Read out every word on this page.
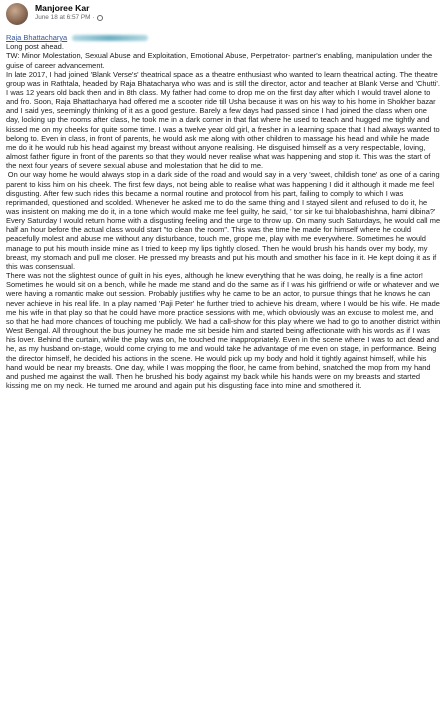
Manjoree Kar
June 18 at 6:57 PM ·
Raja Bhattacharya

Long post ahead.

TW: Minor Molestation, Sexual Abuse and Exploitation, Emotional Abuse, Perpetrator- partner's enabling, manipulation under the guise of career advancement.

In late 2017, I had joined 'Blank Verse's' theatrical space as a theatre enthusiast who wanted to learn theatrical acting. The theatre group was in Rathtala, headed by Raja Bhatacharya who was and is still the director, actor and teacher at Blank Verse and 'Chutti'. I was 12 years old back then and in 8th class. My father had come to drop me on the first day after which I would travel alone to and fro. Soon, Raja Bhattacharya had offered me a scooter ride till Usha because it was on his way to his home in Shokher bazar and I said yes, seemingly thinking of it as a good gesture. Barely a few days had passed since I had joined the class when one day, locking up the rooms after class, he took me in a dark corner in that flat where he used to teach and hugged me tightly and kissed me on my cheeks for quite some time. I was a twelve year old girl, a fresher in a learning space that I had always wanted to belong to. Even in class, in front of parents, he would ask me along with other children to massage his head and while he made me do it he would rub his head against my breast without anyone realising. He disguised himself as a very respectable, loving, almost father figure in front of the parents so that they would never realise what was happening and stop it. This was the start of the next four years of severe sexual abuse and molestation that he did to me.

On our way home he would always stop in a dark side of the road and would say in a very 'sweet, childish tone' as one of a caring parent to kiss him on his cheek. The first few days, not being able to realise what was happening I did it although it made me feel disgusting. After few such rides this became a normal routine and protocol from his part, failing to comply to which I was reprimanded, questioned and scolded. Whenever he asked me to do the same thing and I stayed silent and refused to do it, he was insistent on making me do it, in a tone which would make me feel guilty, he said, ' tor sir ke tui bhalobashishna, hami dibina?' Every Saturday I would return home with a disgusting feeling and the urge to throw up. On many such Saturdays, he would call me half an hour before the actual class would start "to clean the room". This was the time he made for himself where he could peacefully molest and abuse me without any disturbance, touch me, grope me, play with me everywhere. Sometimes he would manage to put his mouth inside mine as I tried to keep my lips tightly closed. Then he would brush his hands over my body, my breast, my stomach and pull me closer. He pressed my breasts and put his mouth and smother his face in it. He kept doing it as if this was consensual.

There was not the slightest ounce of guilt in his eyes, although he knew everything that he was doing, he really is a fine actor! Sometimes he would sit on a bench, while he made me stand and do the same as if I was his girlfriend or wife or whatever and we were having a romantic make out session. Probably justifies why he came to be an actor, to pursue things that he knows he can never achieve in his real life. In a play named 'Paji Peter' he further tried to achieve his dream, where I would be his wife. He made me his wife in that play so that he could have more practice sessions with me, which obviously was an excuse to molest me, and so that he had more chances of touching me publicly. We had a call-show for this play where we had to go to another district within West Bengal. All throughout the bus journey he made me sit beside him and started being affectionate with his words as if I was his lover. Behind the curtain, while the play was on, he touched me inappropriately. Even in the scene where I was to act dead and he, as my husband on-stage, would come crying to me and would take he advantage of me even on stage, in performance. Being the director himself, he decided his actions in the scene. He would pick up my body and hold it tightly against himself, while his hand would be near my breasts. One day, while I was mopping the floor, he came from behind, snatched the mop from my hand and pushed me against the wall. Then he brushed his body against my back while his hands were on my breasts and started kissing me on my neck. He turned me around and again put his disgusting face into mine and smothered it.
